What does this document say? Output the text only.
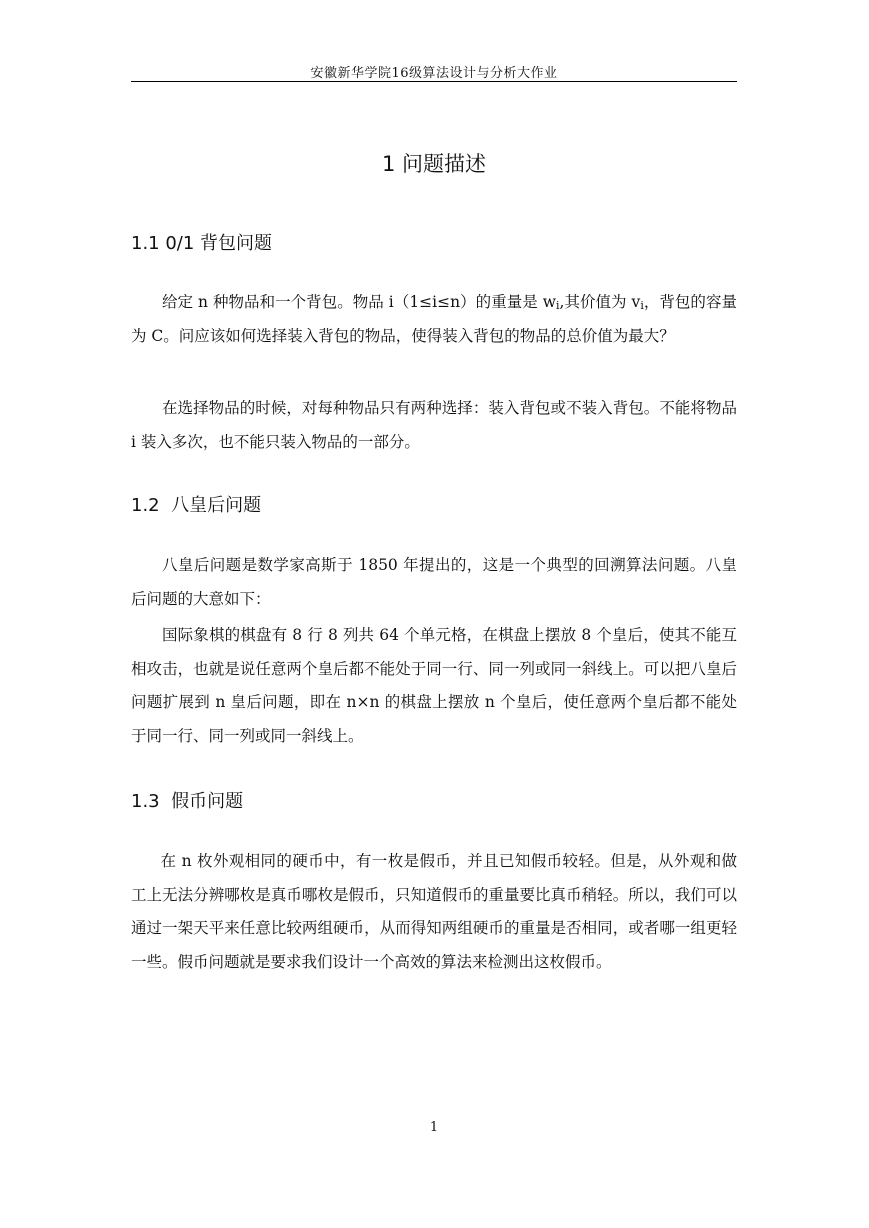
安徽新华学院16级算法设计与分析大作业
1 问题描述
1.1 0/1 背包问题

给定 n 种物品和一个背包。物品 i（1≤i≤n）的重量是 $w_i$,其价值为 $v_i$，背包的容量为 C。问应该如何选择装入背包的物品，使得装入背包的物品的总价值为最大？

在选择物品的时候，对每种物品只有两种选择：装入背包或不装入背包。不能将物品 i 装入多次，也不能只装入物品的一部分。

1.2  八皇后问题

八皇后问题是数学家高斯于 1850 年提出的，这是一个典型的回溯算法问题。八皇后问题的大意如下：

国际象棋的棋盘有 8 行 8 列共 64 个单元格，在棋盘上摆放 8 个皇后，使其不能互相攻击，也就是说任意两个皇后都不能处于同一行、同一列或同一斜线上。可以把八皇后问题扩展到 n 皇后问题，即在 n×n 的棋盘上摆放 n 个皇后，使任意两个皇后都不能处于同一行、同一列或同一斜线上。

1.3  假币问题

在 n 枚外观相同的硬币中，有一枚是假币，并且已知假币较轻。但是，从外观和做工上无法分辨哪枚是真币哪枚是假币，只知道假币的重量要比真币稍轻。所以，我们可以通过一架天平来任意比较两组硬币，从而得知两组硬币的重量是否相同，或者哪一组更轻一些。假币问题就是要求我们设计一个高效的算法来检测出这枚假币。

1
